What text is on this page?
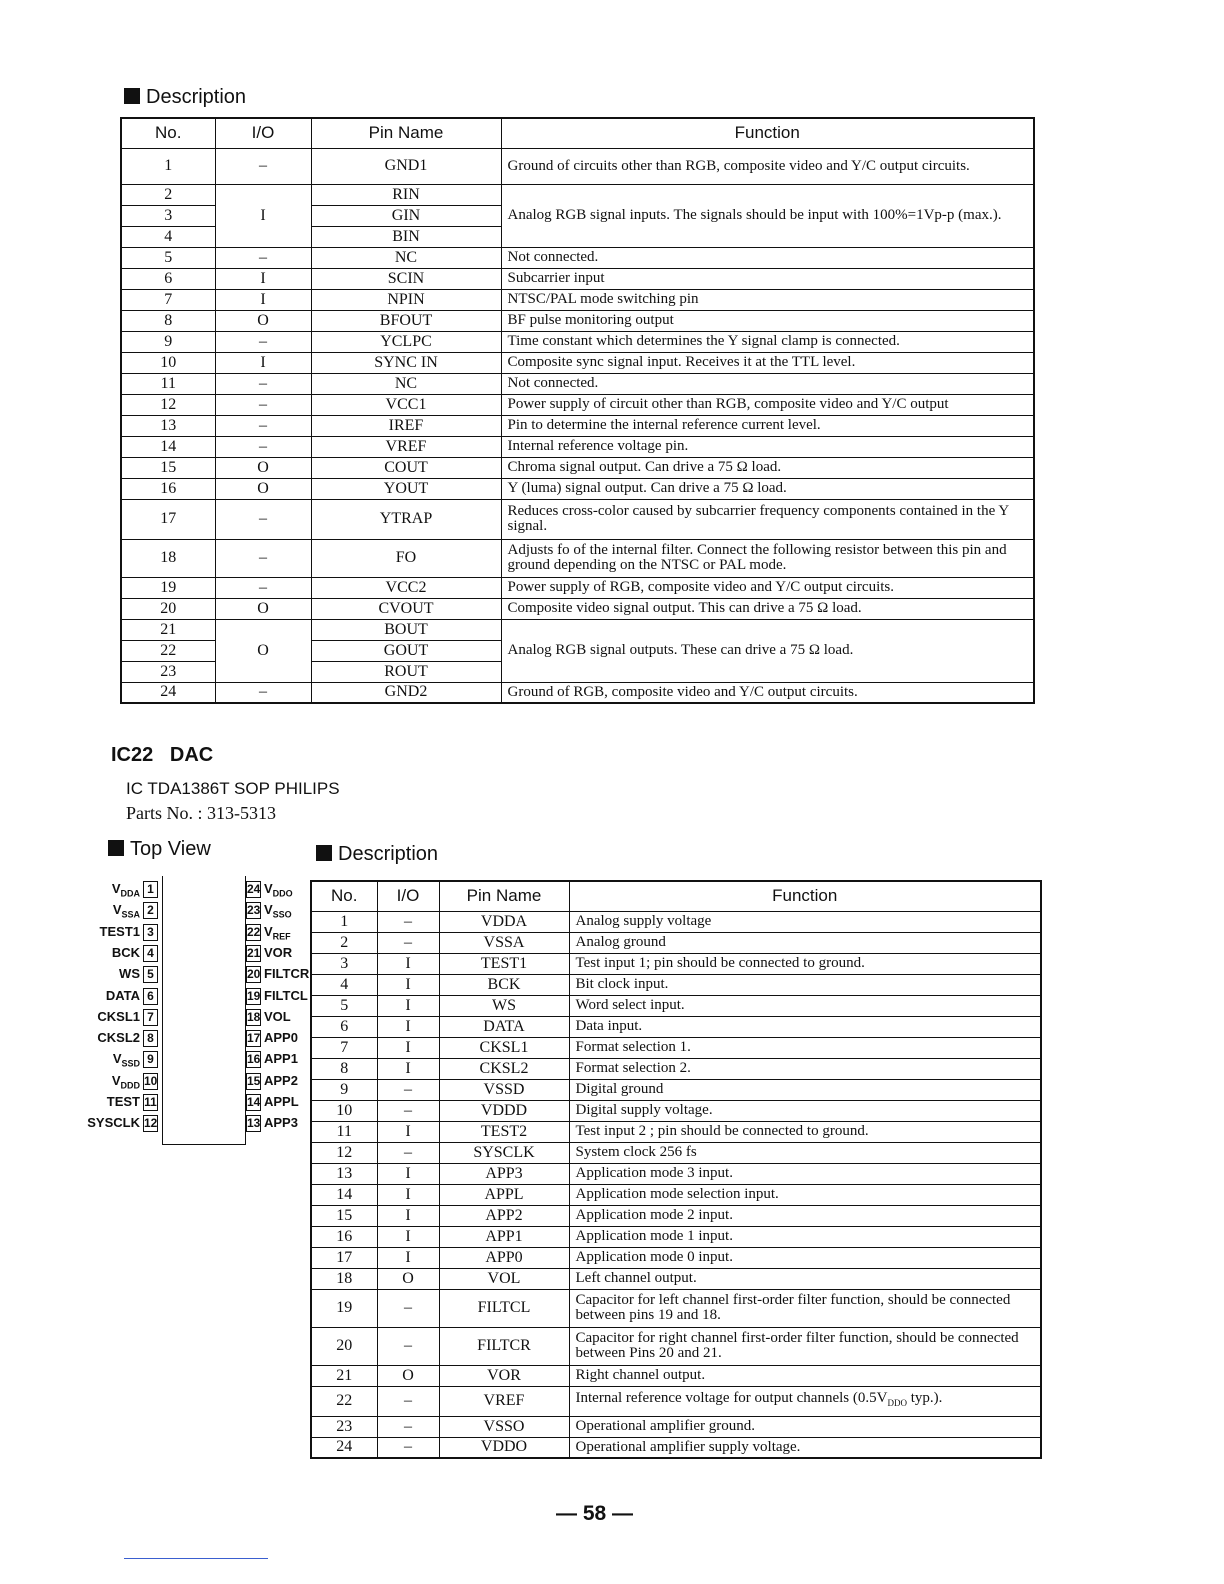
Description
No.	I/O	Pin Name	Function
1	–	GND1	Ground of circuits other than RGB, composite video and Y/C output circuits.
2	I	RIN	Analog RGB signal inputs. The signals should be input with 100%=1Vp-p (max.).
3		GIN	
4		BIN	
5	–	NC	Not connected.
6	I	SCIN	Subcarrier input
7	I	NPIN	NTSC/PAL mode switching pin
8	O	BFOUT	BF pulse monitoring output
9	–	YCLPC	Time constant which determines the Y signal clamp is connected.
10	I	SYNC IN	Composite sync signal input. Receives it at the TTL level.
11	–	NC	Not connected.
12	–	VCC1	Power supply of circuit other than RGB, composite video and Y/C output
13	–	IREF	Pin to determine the internal reference current level.
14	–	VREF	Internal reference voltage pin.
15	O	COUT	Chroma signal output. Can drive a 75 Ω load.
16	O	YOUT	Y (luma) signal output. Can drive a 75 Ω load.
17	–	YTRAP	Reduces cross-color caused by subcarrier frequency components contained in the Y signal.
18	–	FO	Adjusts fo of the internal filter. Connect the following resistor between this pin and ground depending on the NTSC or PAL mode.
19	–	VCC2	Power supply of RGB, composite video and Y/C output circuits.
20	O	CVOUT	Composite video signal output. This can drive a 75 Ω load.
21	O	BOUT	Analog RGB signal outputs. These can drive a 75 Ω load.
22		GOUT	
23		ROUT	
24	–	GND2	Ground of RGB, composite video and Y/C output circuits.
IC22   DAC
IC TDA1386T SOP PHILIPS
Parts No. : 313-5313
Top View	Description
$V_{DDA}$ 1
$V_{SSA}$ 2
TEST1 3
BCK 4
WS 5
DATA 6
CKSL1 7
CKSL2 8
$V_{SSD}$ 9
$V_{DDD}$ 10
TEST 11
SYSCLK 12
24 $V_{DDO}$
23 $V_{SSO}$
22 $V_{REF}$
21 VOR
20 FILTCR
19 FILTCL
18 VOL
17 APP0
16 APP1
15 APP2
14 APPL
13 APP3
No.	I/O	Pin Name	Function
1	–	VDDA	Analog supply voltage
2	–	VSSA	Analog ground
3	I	TEST1	Test input 1; pin should be connected to ground.
4	I	BCK	Bit clock input.
5	I	WS	Word select input.
6	I	DATA	Data input.
7	I	CKSL1	Format selection 1.
8	I	CKSL2	Format selection 2.
9	–	VSSD	Digital ground
10	–	VDDD	Digital supply voltage.
11	I	TEST2	Test input 2 ; pin should be connected to ground.
12	–	SYSCLK	System clock 256 fs
13	I	APP3	Application mode 3 input.
14	I	APPL	Application mode selection input.
15	I	APP2	Application mode 2 input.
16	I	APP1	Application mode 1 input.
17	I	APP0	Application mode 0 input.
18	O	VOL	Left channel output.
19	–	FILTCL	Capacitor for left channel first-order filter function, should be connected between pins 19 and 18.
20	–	FILTCR	Capacitor for right channel first-order filter function, should be connected between Pins 20 and 21.
21	O	VOR	Right channel output.
22	–	VREF	Internal reference voltage for output channels ($0.5V_{DDO}$ typ.).
23	–	VSSO	Operational amplifier ground.
24	–	VDDO	Operational amplifier supply voltage.
— 58 —
